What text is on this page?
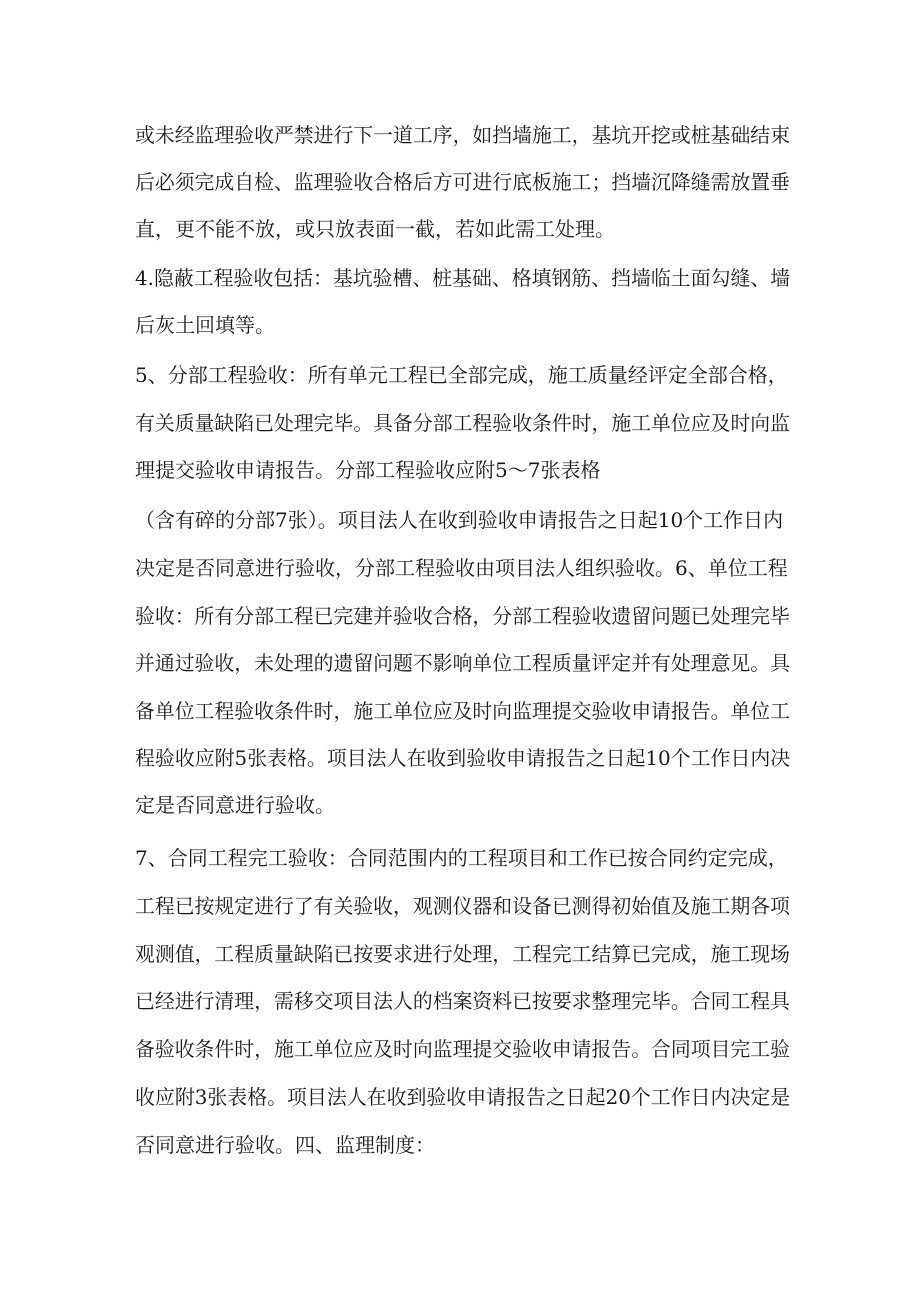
或未经监理验收严禁进行下一道工序，如挡墙施工，基坑开挖或桩基础结束
后必须完成自检、监理验收合格后方可进行底板施工；挡墙沉降缝需放置垂
直，更不能不放，或只放表面一截，若如此需工处理。
4.隐蔽工程验收包括：基坑验槽、桩基础、格填钢筋、挡墙临土面勾缝、墙
后灰土回填等。
5、分部工程验收：所有单元工程已全部完成，施工质量经评定全部合格，
有关质量缺陷已处理完毕。具备分部工程验收条件时，施工单位应及时向监
理提交验收申请报告。分部工程验收应附5〜7张表格
（含有碎的分部7张）。项目法人在收到验收申请报告之日起10个工作日内
决定是否同意进行验收，分部工程验收由项目法人组织验收。6、单位工程
验收：所有分部工程已完建并验收合格，分部工程验收遗留问题已处理完毕
并通过验收，未处理的遗留问题不影响单位工程质量评定并有处理意见。具
备单位工程验收条件时，施工单位应及时向监理提交验收申请报告。单位工
程验收应附5张表格。项目法人在收到验收申请报告之日起10个工作日内决
定是否同意进行验收。
7、合同工程完工验收：合同范围内的工程项目和工作已按合同约定完成，
工程已按规定进行了有关验收，观测仪器和设备已测得初始值及施工期各项
观测值，工程质量缺陷已按要求进行处理，工程完工结算已完成，施工现场
已经进行清理，需移交项目法人的档案资料已按要求整理完毕。合同工程具
备验收条件时，施工单位应及时向监理提交验收申请报告。合同项目完工验
收应附3张表格。项目法人在收到验收申请报告之日起20个工作日内决定是
否同意进行验收。四、监理制度：
